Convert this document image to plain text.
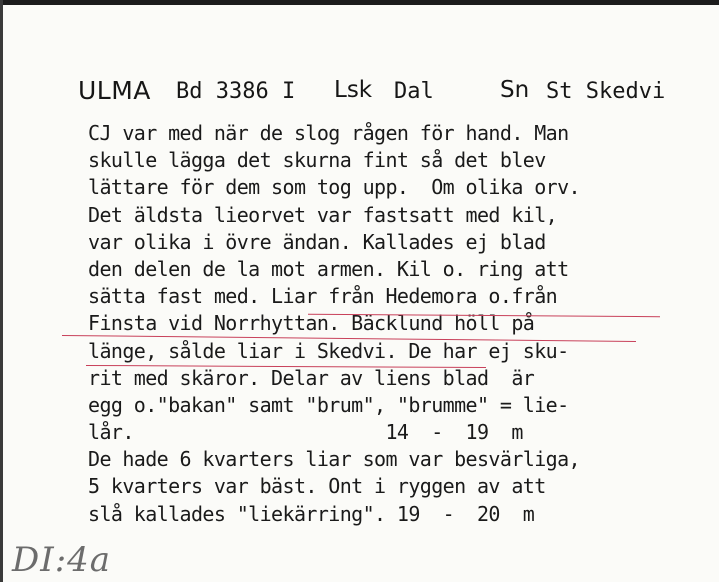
ULMA Bd 3386 I Lsk Dal	Sn St Skedvi
CJ var med när de slog rågen för hand. Man
skulle lägga det skurna fint så det blev
lättare för dem som tog upp.  Om olika orv.
Det äldsta lieorvet var fastsatt med kil,
var olika i övre ändan. Kallades ej blad
den delen de la mot armen. Kil o. ring att
sätta fast med. Liar från Hedemora o.från
Finsta vid Norrhyttan. Bäcklund höll på
länge, sålde liar i Skedvi. De har ej sku-
rit med skäror. Delar av liens blad  är
egg o."bakan" samt "brum", "brumme" = lie-
lår.                      14  -  19  m
De hade 6 kvarters liar som var besvärliga,
5 kvarters var bäst. Ont i ryggen av att
slå kallades "liekärring". 19  -  20  m
DI:4a
